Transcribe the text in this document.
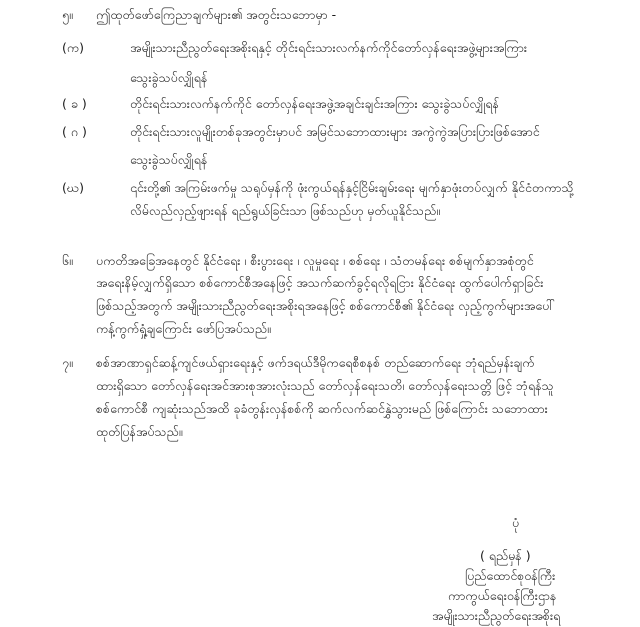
၅။ ဤထုတ်ဖော်ကြေညာချက်များ၏ အတွင်းသဘောမှာ -
(က)	အမျိုးသားညီညွတ်ရေးအစိုးရနှင့် တိုင်းရင်းသားလက်နက်ကိုင်တော်လှန်ရေးအဖွဲ့များအကြား
သွေးခွဲသပ်လျှိုရန်
( ခ )	တိုင်းရင်းသားလက်နက်ကိုင် တော်လှန်ရေးအဖွဲ့အချင်းချင်းအကြား သွေးခွဲသပ်လျှိုရန်
( ဂ )	တိုင်းရင်းသားလူမျိုးတစ်ခုအတွင်းမှာပင် အမြင်သဘောထားများ အကွဲကွဲအပြားပြားဖြစ်အောင်
သွေးခွဲသပ်လျှိုရန်
(ဃ)	၎င်းတို့၏ အကြမ်းဖက်မှု သရုပ်မှန်ကို ဖုံးကွယ်ရန်နှင့်ငြိမ်းချမ်းရေး မျက်နှာဖုံးတပ်လျှက် နိုင်ငံတကာသို့
လိမ်လည်လှည့်ဖျားရန် ရည်ရွယ်ခြင်းသာ ဖြစ်သည်ဟု မှတ်ယူနိုင်သည်။
၆။ ပကတိအခြေအနေတွင် နိုင်ငံရေး ၊ စီးပွားရေး ၊ လူမှုရေး ၊ စစ်ရေး ၊ သံတမန်ရေး စစ်မျက်နှာအစုံတွင်
အရေးနိမ့်လျှက်ရှိသော စစ်ကောင်စီအနေဖြင့် အသက်ဆက်ခွင့်ရလိုရငြား နိုင်ငံရေး ထွက်ပေါက်ရှာခြင်း
ဖြစ်သည့်အတွက် အမျိုးသားညီညွတ်ရေးအစိုးရအနေဖြင့် စစ်ကောင်စီ၏ နိုင်ငံရေး လှည့်ကွက်များအပေါ်
ကန့်ကွက်ရှုံ့ချကြောင်း ဖော်ပြအပ်သည်။
၇။ စစ်အာဏာရှင်ဆန့်ကျင်ဖယ်ရှားရေးနှင့် ဖက်ဒရယ်ဒီမိုကရေစီစနစ် တည်ဆောက်ရေး ဘုံရည်မှန်းချက်
ထားရှိသော တော်လှန်ရေးအင်အားစုအားလုံးသည် တော်လှန်ရေးသတိ၊ တော်လှန်ရေးသတ္တိ ဖြင့် ဘုံရန်သူ
စစ်ကောင်စီ ကျဆုံးသည်အထိ ခုခံတွန်းလှန်စစ်ကို ဆက်လက်ဆင်နွှဲသွားမည် ဖြစ်ကြောင်း သဘောထား
ထုတ်ပြန်အပ်သည်။
ပုံ
( ရည်မှန် )
ပြည်ထောင်စုဝန်ကြီး
ကာကွယ်ရေးဝန်ကြီးဌာန
အမျိုးသားညီညွတ်ရေးအစိုးရ
